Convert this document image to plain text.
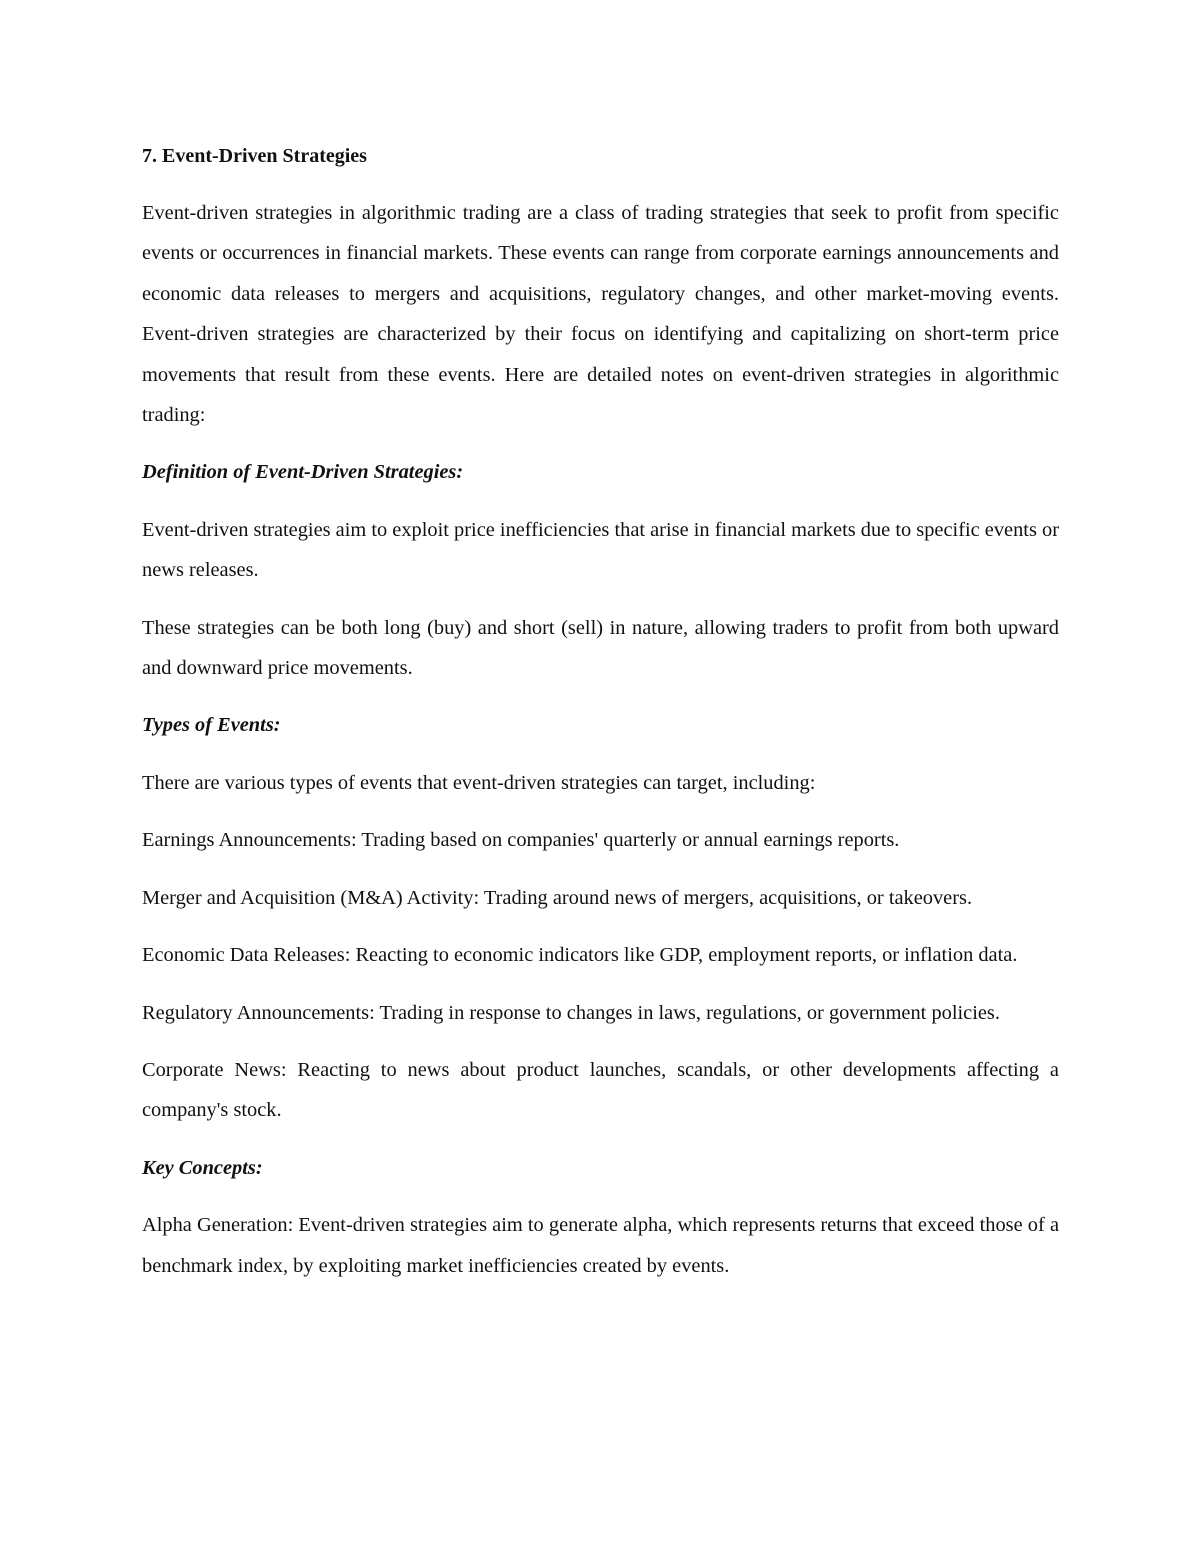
7. Event-Driven Strategies

Event-driven strategies in algorithmic trading are a class of trading strategies that seek to profit from specific events or occurrences in financial markets. These events can range from corporate earnings announcements and economic data releases to mergers and acquisitions, regulatory changes, and other market-moving events. Event-driven strategies are characterized by their focus on identifying and capitalizing on short-term price movements that result from these events. Here are detailed notes on event-driven strategies in algorithmic trading:

Definition of Event-Driven Strategies:

Event-driven strategies aim to exploit price inefficiencies that arise in financial markets due to specific events or news releases.

These strategies can be both long (buy) and short (sell) in nature, allowing traders to profit from both upward and downward price movements.

Types of Events:

There are various types of events that event-driven strategies can target, including:

Earnings Announcements: Trading based on companies' quarterly or annual earnings reports.

Merger and Acquisition (M&A) Activity: Trading around news of mergers, acquisitions, or takeovers.

Economic Data Releases: Reacting to economic indicators like GDP, employment reports, or inflation data.

Regulatory Announcements: Trading in response to changes in laws, regulations, or government policies.

Corporate News: Reacting to news about product launches, scandals, or other developments affecting a company's stock.

Key Concepts:

Alpha Generation: Event-driven strategies aim to generate alpha, which represents returns that exceed those of a benchmark index, by exploiting market inefficiencies created by events.
